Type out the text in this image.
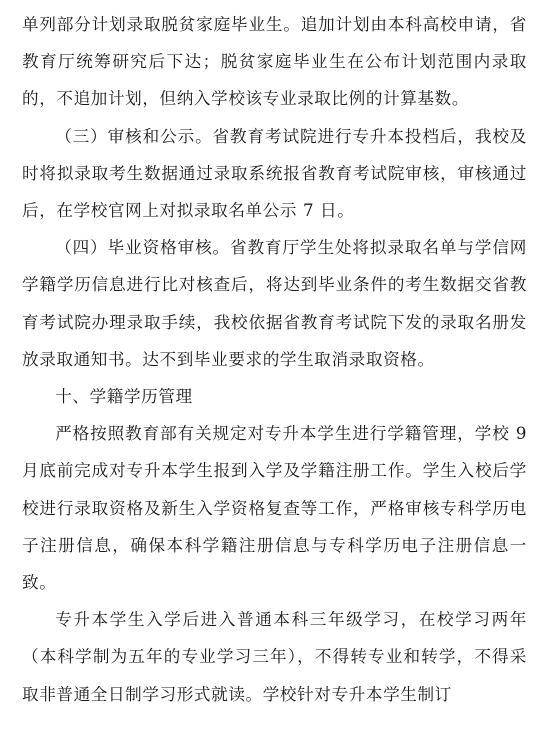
单列部分计划录取脱贫家庭毕业生。追加计划由本科高校申请，省教育厅统筹研究后下达；脱贫家庭毕业生在公布计划范围内录取的，不追加计划，但纳入学校该专业录取比例的计算基数。

（三）审核和公示。省教育考试院进行专升本投档后，我校及时将拟录取考生数据通过录取系统报省教育考试院审核，审核通过后，在学校官网上对拟录取名单公示 7 日。

（四）毕业资格审核。省教育厅学生处将拟录取名单与学信网学籍学历信息进行比对核查后，将达到毕业条件的考生数据交省教育考试院办理录取手续，我校依据省教育考试院下发的录取名册发放录取通知书。达不到毕业要求的学生取消录取资格。

十、学籍学历管理

严格按照教育部有关规定对专升本学生进行学籍管理，学校 9 月底前完成对专升本学生报到入学及学籍注册工作。学生入校后学校进行录取资格及新生入学资格复查等工作，严格审核专科学历电子注册信息，确保本科学籍注册信息与专科学历电子注册信息一致。

专升本学生入学后进入普通本科三年级学习，在校学习两年（本科学制为五年的专业学习三年），不得转专业和转学，不得采取非普通全日制学习形式就读。学校针对专升本学生制订
